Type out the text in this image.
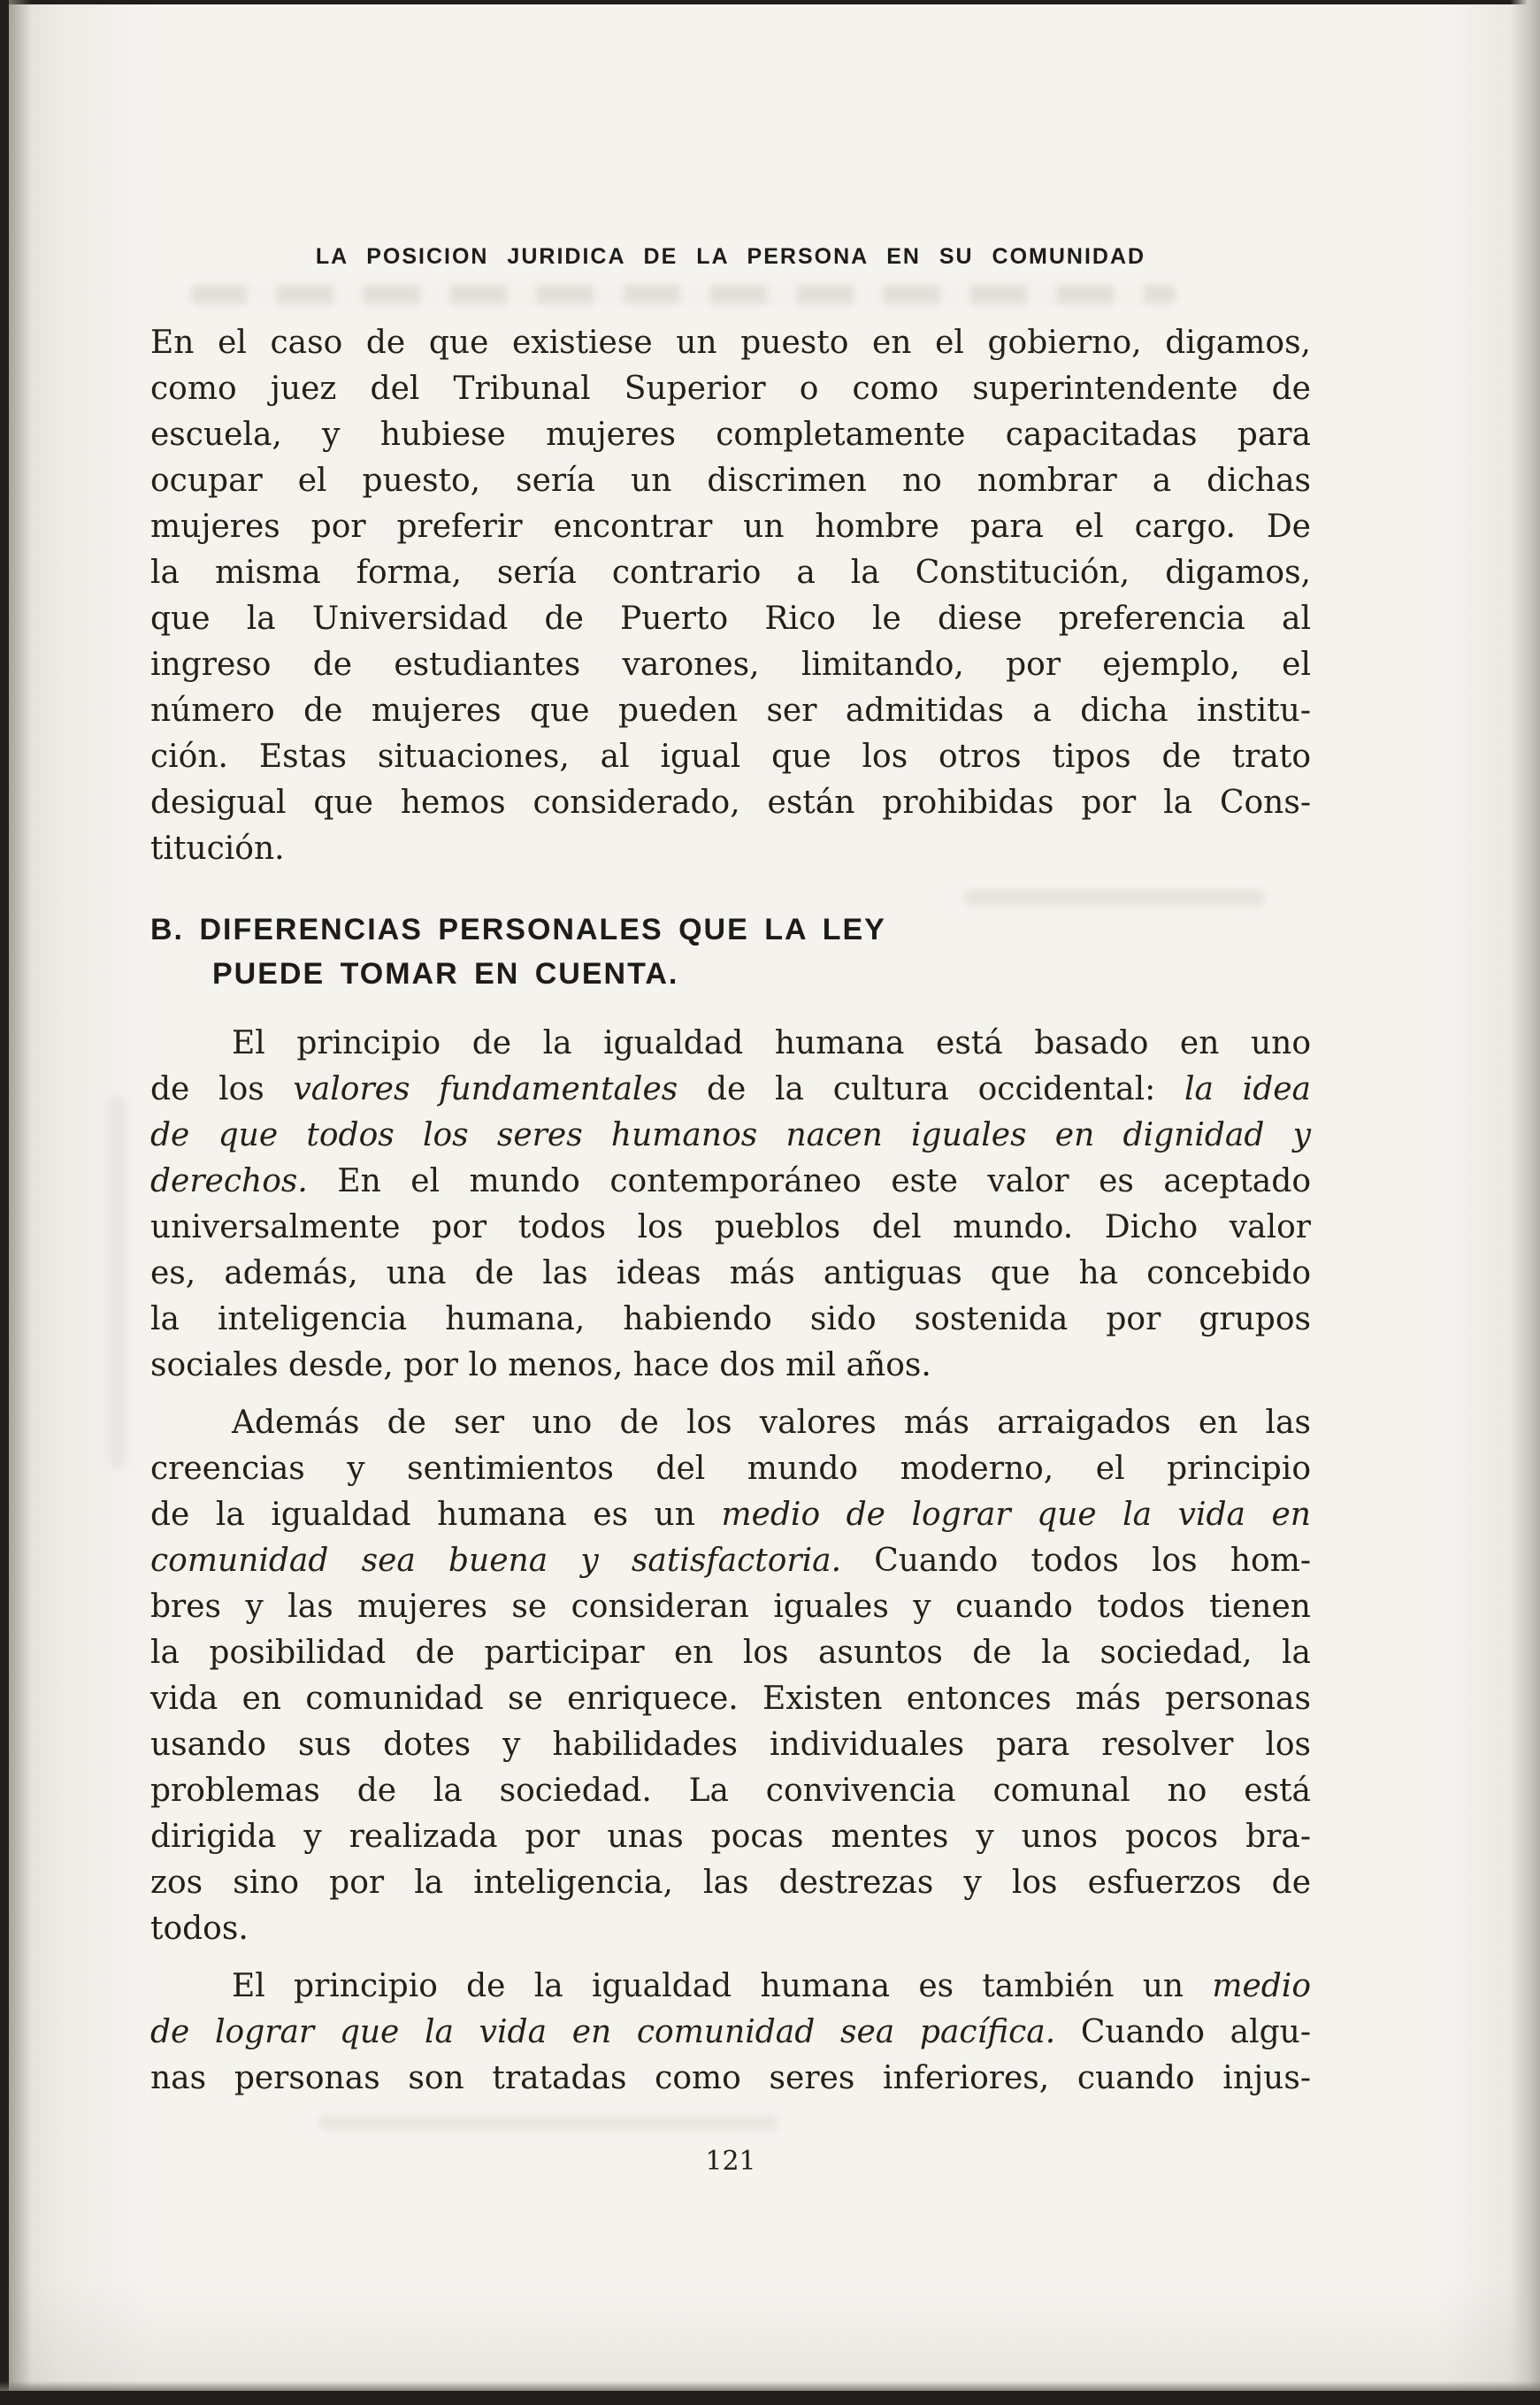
LA POSICION JURIDICA DE LA PERSONA EN SU COMUNIDAD
En el caso de que existiese un puesto en el gobierno, digamos,
como juez del Tribunal Superior o como superintendente de
escuela, y hubiese mujeres completamente capacitadas para
ocupar el puesto, sería un discrimen no nombrar a dichas
mujeres por preferir encontrar un hombre para el cargo. De
la misma forma, sería contrario a la Constitución, digamos,
que la Universidad de Puerto Rico le diese preferencia al
ingreso de estudiantes varones, limitando, por ejemplo, el
número de mujeres que pueden ser admitidas a dicha institu-
ción. Estas situaciones, al igual que los otros tipos de trato
desigual que hemos considerado, están prohibidas por la Cons-
titución.
B. DIFERENCIAS PERSONALES QUE LA LEY
PUEDE TOMAR EN CUENTA.
El principio de la igualdad humana está basado en uno
de los valores fundamentales de la cultura occidental: la idea
de que todos los seres humanos nacen iguales en dignidad y
derechos. En el mundo contemporáneo este valor es aceptado
universalmente por todos los pueblos del mundo. Dicho valor
es, además, una de las ideas más antiguas que ha concebido
la inteligencia humana, habiendo sido sostenida por grupos
sociales desde, por lo menos, hace dos mil años.
Además de ser uno de los valores más arraigados en las
creencias y sentimientos del mundo moderno, el principio
de la igualdad humana es un medio de lograr que la vida en
comunidad sea buena y satisfactoria. Cuando todos los hom-
bres y las mujeres se consideran iguales y cuando todos tienen
la posibilidad de participar en los asuntos de la sociedad, la
vida en comunidad se enriquece. Existen entonces más personas
usando sus dotes y habilidades individuales para resolver los
problemas de la sociedad. La convivencia comunal no está
dirigida y realizada por unas pocas mentes y unos pocos bra-
zos sino por la inteligencia, las destrezas y los esfuerzos de
todos.
El principio de la igualdad humana es también un medio
de lograr que la vida en comunidad sea pacífica. Cuando algu-
nas personas son tratadas como seres inferiores, cuando injus-
121
